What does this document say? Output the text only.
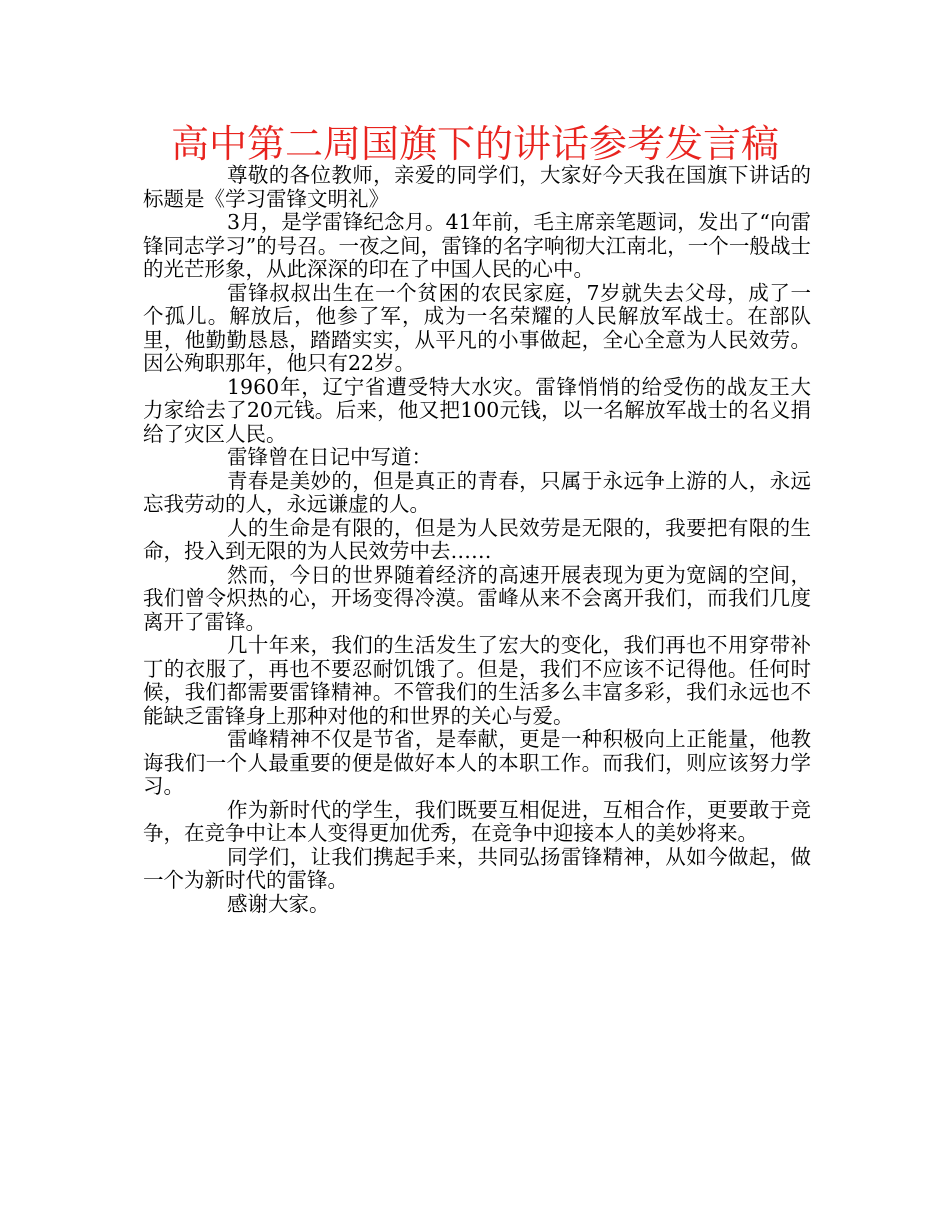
高中第二周国旗下的讲话参考发言稿

尊敬的各位教师，亲爱的同学们，大家好今天我在国旗下讲话的标题是《学习雷锋文明礼》

3月，是学雷锋纪念月。41年前，毛主席亲笔题词，发出了“向雷锋同志学习”的号召。一夜之间，雷锋的名字响彻大江南北，一个一般战士的光芒形象，从此深深的印在了中国人民的心中。

雷锋叔叔出生在一个贫困的农民家庭，7岁就失去父母，成了一个孤儿。解放后，他参了军，成为一名荣耀的人民解放军战士。在部队里，他勤勤恳恳，踏踏实实，从平凡的小事做起，全心全意为人民效劳。因公殉职那年，他只有22岁。

1960年，辽宁省遭受特大水灾。雷锋悄悄的给受伤的战友王大力家给去了20元钱。后来，他又把100元钱，以一名解放军战士的名义捐给了灾区人民。

雷锋曾在日记中写道：

青春是美妙的，但是真正的青春，只属于永远争上游的人，永远忘我劳动的人，永远谦虚的人。

人的生命是有限的，但是为人民效劳是无限的，我要把有限的生命，投入到无限的为人民效劳中去……

然而，今日的世界随着经济的高速开展表现为更为宽阔的空间，我们曾令炽热的心，开场变得冷漠。雷峰从来不会离开我们，而我们几度离开了雷锋。

几十年来，我们的生活发生了宏大的变化，我们再也不用穿带补丁的衣服了，再也不要忍耐饥饿了。但是，我们不应该不记得他。任何时候，我们都需要雷锋精神。不管我们的生活多么丰富多彩，我们永远也不能缺乏雷锋身上那种对他的和世界的关心与爱。

雷峰精神不仅是节省，是奉献，更是一种积极向上正能量，他教诲我们一个人最重要的便是做好本人的本职工作。而我们，则应该努力学习。

作为新时代的学生，我们既要互相促进，互相合作，更要敢于竞争，在竞争中让本人变得更加优秀，在竞争中迎接本人的美妙将来。

同学们，让我们携起手来，共同弘扬雷锋精神，从如今做起，做一个为新时代的雷锋。

感谢大家。
